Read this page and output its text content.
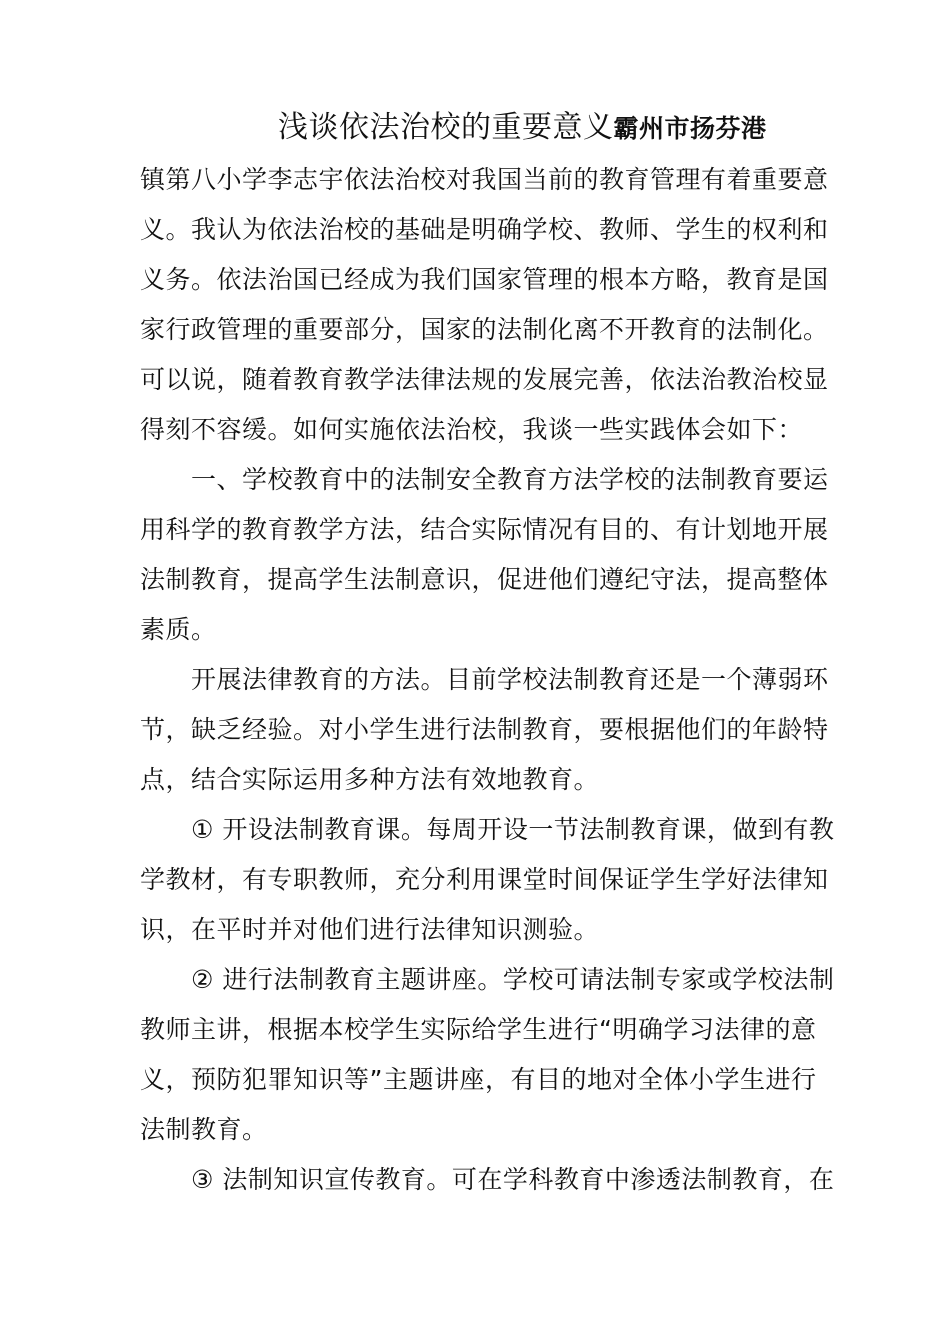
浅谈依法治校的重要意义霸州市扬芬港
镇第八小学李志宇依法治校对我国当前的教育管理有着重要意
义。我认为依法治校的基础是明确学校、教师、学生的权利和
义务。依法治国已经成为我们国家管理的根本方略，教育是国
家行政管理的重要部分，国家的法制化离不开教育的法制化。
可以说，随着教育教学法律法规的发展完善，依法治教治校显
得刻不容缓。如何实施依法治校，我谈一些实践体会如下：
一、学校教育中的法制安全教育方法学校的法制教育要运
用科学的教育教学方法，结合实际情况有目的、有计划地开展
法制教育，提高学生法制意识，促进他们遵纪守法，提高整体
素质。
开展法律教育的方法。目前学校法制教育还是一个薄弱环
节，缺乏经验。对小学生进行法制教育，要根据他们的年龄特
点，结合实际运用多种方法有效地教育。
① 开设法制教育课。每周开设一节法制教育课，做到有教
学教材，有专职教师，充分利用课堂时间保证学生学好法律知
识，在平时并对他们进行法律知识测验。
② 进行法制教育主题讲座。学校可请法制专家或学校法制
教师主讲，根据本校学生实际给学生进行“明确学习法律的意
义，预防犯罪知识等”主题讲座，有目的地对全体小学生进行
法制教育。
③ 法制知识宣传教育。可在学科教育中渗透法制教育，在
